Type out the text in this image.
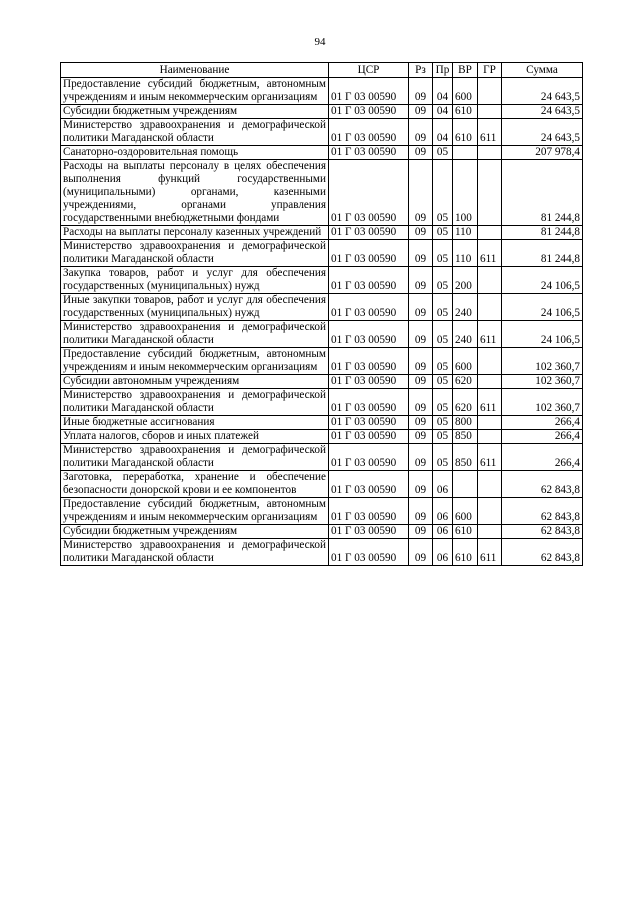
94
Наименование	ЦСР	Рз	Пр	ВР	ГР	Сумма
Предоставление субсидий бюджетным, автономным учреждениям и иным некоммерческим организациям	01 Г 03 00590	09	04	600		24 643,5
Субсидии бюджетным учреждениям	01 Г 03 00590	09	04	610		24 643,5
Министерство здравоохранения и демографической политики Магаданской области	01 Г 03 00590	09	04	610	611	24 643,5
Санаторно-оздоровительная помощь	01 Г 03 00590	09	05			207 978,4
Расходы на выплаты персоналу в целях обеспечения выполнения функций государственными (муниципальными) органами, казенными учреждениями, органами управления государственными внебюджетными фондами	01 Г 03 00590	09	05	100		81 244,8
Расходы на выплаты персоналу казенных учреждений	01 Г 03 00590	09	05	110		81 244,8
Министерство здравоохранения и демографической политики Магаданской области	01 Г 03 00590	09	05	110	611	81 244,8
Закупка товаров, работ и услуг для обеспечения государственных (муниципальных) нужд	01 Г 03 00590	09	05	200		24 106,5
Иные закупки товаров, работ и услуг для обеспечения государственных (муниципальных) нужд	01 Г 03 00590	09	05	240		24 106,5
Министерство здравоохранения и демографической политики Магаданской области	01 Г 03 00590	09	05	240	611	24 106,5
Предоставление субсидий бюджетным, автономным учреждениям и иным некоммерческим организациям	01 Г 03 00590	09	05	600		102 360,7
Субсидии автономным учреждениям	01 Г 03 00590	09	05	620		102 360,7
Министерство здравоохранения и демографической политики Магаданской области	01 Г 03 00590	09	05	620	611	102 360,7
Иные бюджетные ассигнования	01 Г 03 00590	09	05	800		266,4
Уплата налогов, сборов и иных платежей	01 Г 03 00590	09	05	850		266,4
Министерство здравоохранения и демографической политики Магаданской области	01 Г 03 00590	09	05	850	611	266,4
Заготовка, переработка, хранение и обеспечение безопасности донорской крови и ее компонентов	01 Г 03 00590	09	06			62 843,8
Предоставление субсидий бюджетным, автономным учреждениям и иным некоммерческим организациям	01 Г 03 00590	09	06	600		62 843,8
Субсидии бюджетным учреждениям	01 Г 03 00590	09	06	610		62 843,8
Министерство здравоохранения и демографической политики Магаданской области	01 Г 03 00590	09	06	610	611	62 843,8
